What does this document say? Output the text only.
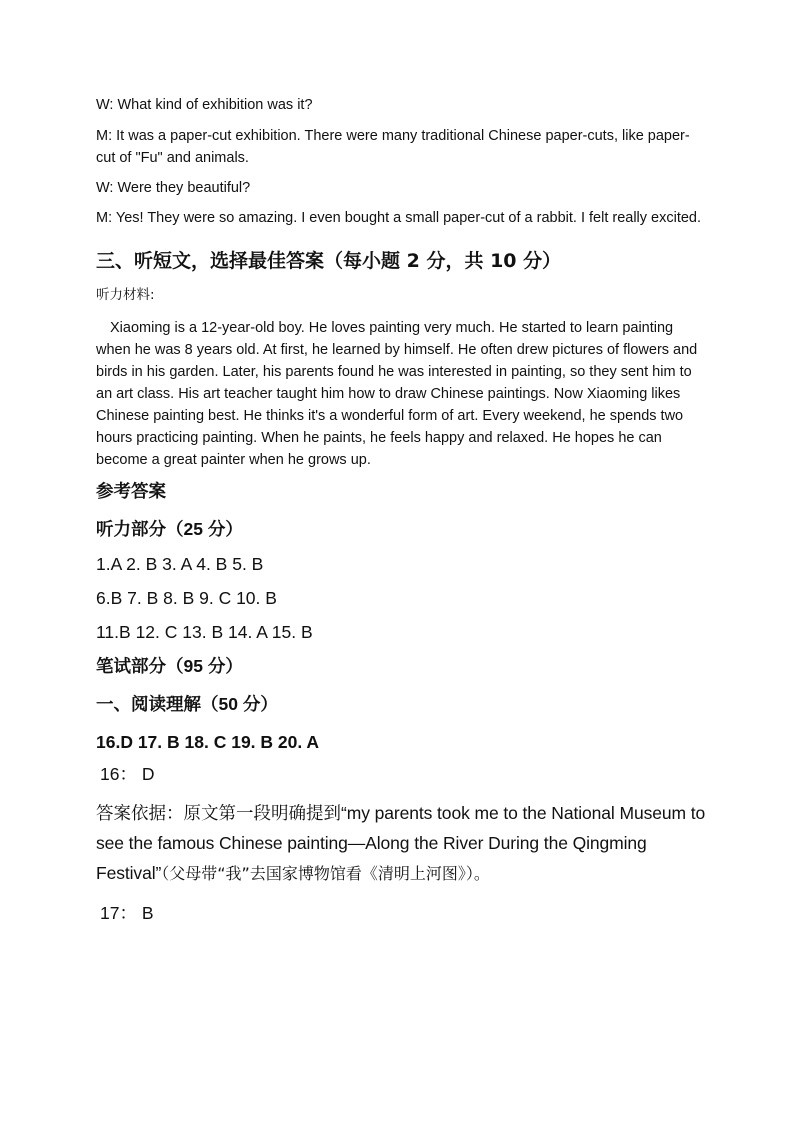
W: What kind of exhibition was it?

M: It was a paper-cut exhibition. There were many traditional Chinese paper-cuts, like paper-cut of "Fu" and animals.

W: Were they beautiful?

M: Yes! They were so amazing. I even bought a small paper-cut of a rabbit. I felt really excited.

三、听短文，选择最佳答案（每小题 2 分，共 10 分）

听力材料:

Xiaoming is a 12-year-old boy. He loves painting very much. He started to learn painting when he was 8 years old. At first, he learned by himself. He often drew pictures of flowers and birds in his garden. Later, his parents found he was interested in painting, so they sent him to an art class. His art teacher taught him how to draw Chinese paintings. Now Xiaoming likes Chinese painting best. He thinks it's a wonderful form of art. Every weekend, he spends two hours practicing painting. When he paints, he feels happy and relaxed. He hopes he can become a great painter when he grows up.

参考答案

听力部分（25 分）

1.A 2. B 3. A 4. B 5. B

6.B 7. B 8. B 9. C 10. B

11.B 12. C 13. B 14. A 15. B

笔试部分（95 分）

一、阅读理解（50 分）

16.D 17. B 18. C 19. B 20. A

16： D

答案依据：原文第一段明确提到“my parents took me to the National Museum to see the famous Chinese painting—Along the River During the Qingming Festival”（父母带“我”去国家博物馆看《清明上河图》）。

17： B
